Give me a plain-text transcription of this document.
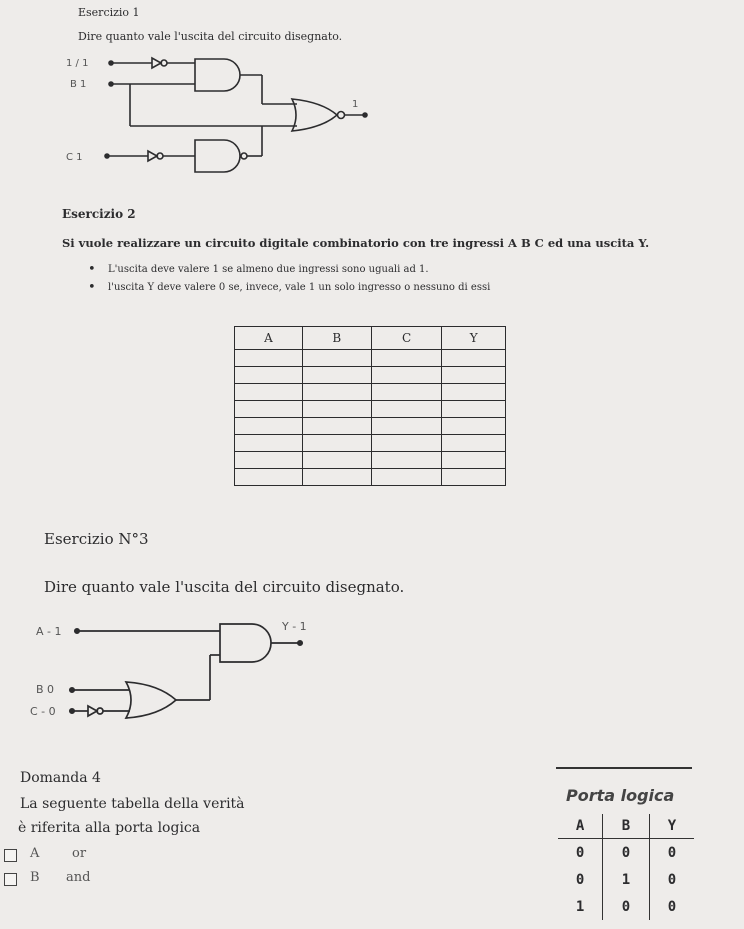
Esercizio 1
Dire quanto vale l'uscita del circuito disegnato.
1 / 1
B 1
C 1
1
Esercizio 2
Si vuole realizzare un circuito digitale combinatorio con tre ingressi A B C ed una uscita Y.
• L'uscita deve valere 1 se almeno due ingressi sono uguali ad 1.
• l'uscita Y deve valere 0 se, invece, vale 1 un solo ingresso o nessuno di essi
A	B	C	Y

Esercizio N°3
Dire quanto vale l'uscita del circuito disegnato.
A - 1
B 0
C - 0
Y - 1
Domanda 4
La seguente tabella della verità
è riferita alla porta logica
A	or
B and
Porta logica
A	B	Y
0	0	0
0	1	0
1	0	0
